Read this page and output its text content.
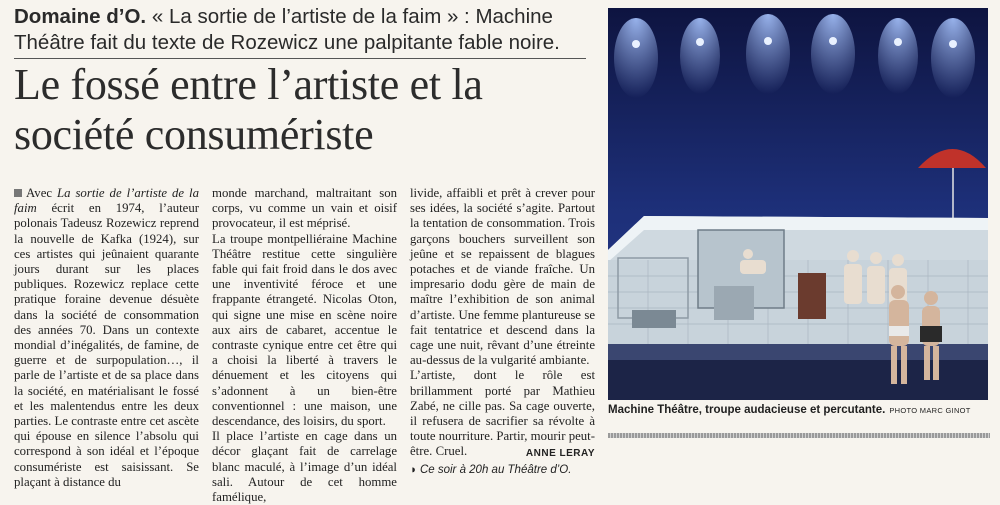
Domaine d’O. « La sortie de l’artiste de la faim » : Machine Théâtre fait du texte de Rozewicz une palpitante fable noire.
Le fossé entre l’artiste et la société consumériste

Avec La sortie de l’artiste de la faim écrit en 1974, l’auteur polonais Tadeusz Rozewicz reprend la nouvelle de Kafka (1924), sur ces artistes qui jeûnaient quarante jours durant sur les places publiques. Rozewicz replace cette pratique foraine devenue désuète dans la société de consommation des années 70. Dans un contexte mondial d’inégalités, de famine, de guerre et de surpopulation…, il parle de l’artiste et de sa place dans la société, en matérialisant le fossé et les malentendus entre les deux parties. Le contraste entre cet ascète qui épouse en silence l’absolu qui correspond à son idéal et l’époque consumériste est saisissant. Se plaçant à distance du

monde marchand, maltraitant son corps, vu comme un vain et oisif provocateur, il est méprisé.

La troupe montpelliéraine Machine Théâtre restitue cette singulière fable qui fait froid dans le dos avec une inventivité féroce et une frappante étrangeté. Nicolas Oton, qui signe une mise en scène noire aux airs de cabaret, accentue le contraste cynique entre cet être qui a choisi la liberté à travers le dénuement et les citoyens qui s’adonnent à un bien-être conventionnel : une maison, une descendance, des loisirs, du sport.

Il place l’artiste en cage dans un décor glaçant fait de carrelage blanc maculé, à l’image d’un idéal sali. Autour de cet homme famélique,

livide, affaibli et prêt à crever pour ses idées, la société s’agite. Partout la tentation de consommation. Trois garçons bouchers surveillent son jeûne et se repaissent de blagues potaches et de viande fraîche. Un impresario dodu gère de main de maître l’exhibition de son animal d’artiste. Une femme plantureuse se fait tentatrice et descend dans la cage une nuit, rêvant d’une étreinte au-dessus de la vulgarité ambiante.

L’artiste, dont le rôle est brillamment porté par Mathieu Zabé, ne cille pas. Sa cage ouverte, il refusera de sacrifier sa révolte à toute nourriture. Partir, mourir peut-être. Cruel.	ANNE LERAY
◗ Ce soir à 20h au Théâtre d’O.
Machine Théâtre, troupe audacieuse et percutante. PHOTO MARC GINOT
